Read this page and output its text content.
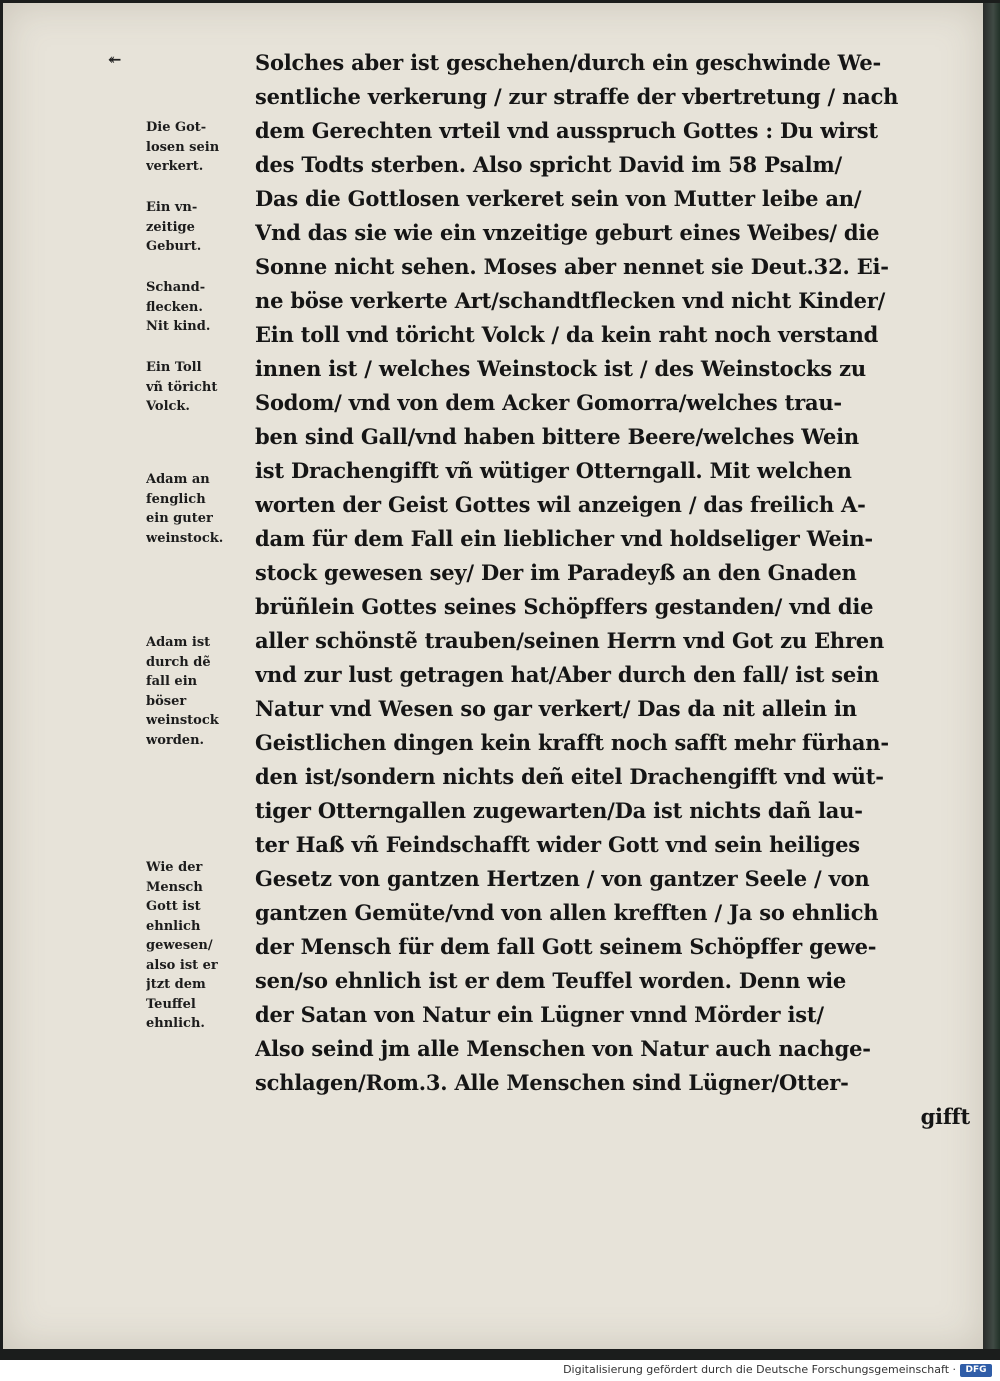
↞
Die Got-
losen sein
verkert.
Ein vn-
zeitige
Geburt.
Schand-
flecken.
Nit kind.
Ein Toll
vñ töricht
Volck.
Adam an
fenglich
ein guter
weinstock.
Adam ist
durch dẽ
fall ein
böser
weinstock
worden.
Wie der
Mensch
Gott ist
ehnlich
gewesen/
also ist er
jtzt dem
Teuffel
ehnlich.
Solches aber ist geschehen/durch ein geschwinde We-
sentliche verkerung / zur straffe der vbertretung / nach
dem Gerechten vrteil vnd ausspruch Gottes : Du wirst
des Todts sterben. Also spricht David im 58 Psalm/
Das die Gottlosen verkeret sein von Mutter leibe an/
Vnd das sie wie ein vnzeitige geburt eines Weibes/ die
Sonne nicht sehen. Moses aber nennet sie Deut.32. Ei-
ne böse verkerte Art/schandtflecken vnd nicht Kinder/
Ein toll vnd töricht Volck / da kein raht noch verstand
innen ist / welches Weinstock ist / des Weinstocks zu
Sodom/ vnd von dem Acker Gomorra/welches trau-
ben sind Gall/vnd haben bittere Beere/welches Wein
ist Drachengifft vñ wütiger Otterngall. Mit welchen
worten der Geist Gottes wil anzeigen / das freilich A-
dam für dem Fall ein lieblicher vnd holdseliger Wein-
stock gewesen sey/ Der im Paradeyß an den Gnaden
brüñlein Gottes seines Schöpffers gestanden/ vnd die
aller schönstẽ trauben/seinen Herrn vnd Got zu Ehren
vnd zur lust getragen hat/Aber durch den fall/ ist sein
Natur vnd Wesen so gar verkert/ Das da nit allein in
Geistlichen dingen kein krafft noch safft mehr fürhan-
den ist/sondern nichts deñ eitel Drachengifft vnd wüt-
tiger Otterngallen zugewarten/Da ist nichts dañ lau-
ter Haß vñ Feindschafft wider Gott vnd sein heiliges
Gesetz von gantzen Hertzen / von gantzer Seele / von
gantzen Gemüte/vnd von allen krefften / Ja so ehnlich
der Mensch für dem fall Gott seinem Schöpffer gewe-
sen/so ehnlich ist er dem Teuffel worden. Denn wie
der Satan von Natur ein Lügner vnnd Mörder ist/
Also seind jm alle Menschen von Natur auch nachge-
schlagen/Rom.3. Alle Menschen sind Lügner/Otter-
gifft
Digitalisierung gefördert durch die Deutsche Forschungsgemeinschaft ·	DFG
